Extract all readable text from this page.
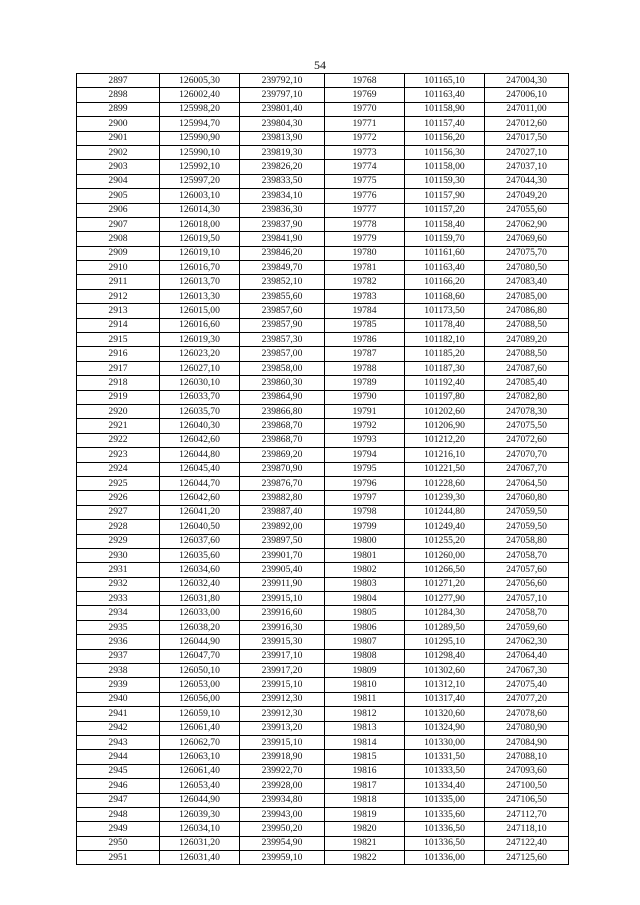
54
2897	126005,30	239792,10	19768	101165,10	247004,30
2898	126002,40	239797,10	19769	101163,40	247006,10
2899	125998,20	239801,40	19770	101158,90	247011,00
2900	125994,70	239804,30	19771	101157,40	247012,60
2901	125990,90	239813,90	19772	101156,20	247017,50
2902	125990,10	239819,30	19773	101156,30	247027,10
2903	125992,10	239826,20	19774	101158,00	247037,10
2904	125997,20	239833,50	19775	101159,30	247044,30
2905	126003,10	239834,10	19776	101157,90	247049,20
2906	126014,30	239836,30	19777	101157,20	247055,60
2907	126018,00	239837,90	19778	101158,40	247062,90
2908	126019,50	239841,90	19779	101159,70	247069,60
2909	126019,10	239846,20	19780	101161,60	247075,70
2910	126016,70	239849,70	19781	101163,40	247080,50
2911	126013,70	239852,10	19782	101166,20	247083,40
2912	126013,30	239855,60	19783	101168,60	247085,00
2913	126015,00	239857,60	19784	101173,50	247086,80
2914	126016,60	239857,90	19785	101178,40	247088,50
2915	126019,30	239857,30	19786	101182,10	247089,20
2916	126023,20	239857,00	19787	101185,20	247088,50
2917	126027,10	239858,00	19788	101187,30	247087,60
2918	126030,10	239860,30	19789	101192,40	247085,40
2919	126033,70	239864,90	19790	101197,80	247082,80
2920	126035,70	239866,80	19791	101202,60	247078,30
2921	126040,30	239868,70	19792	101206,90	247075,50
2922	126042,60	239868,70	19793	101212,20	247072,60
2923	126044,80	239869,20	19794	101216,10	247070,70
2924	126045,40	239870,90	19795	101221,50	247067,70
2925	126044,70	239876,70	19796	101228,60	247064,50
2926	126042,60	239882,80	19797	101239,30	247060,80
2927	126041,20	239887,40	19798	101244,80	247059,50
2928	126040,50	239892,00	19799	101249,40	247059,50
2929	126037,60	239897,50	19800	101255,20	247058,80
2930	126035,60	239901,70	19801	101260,00	247058,70
2931	126034,60	239905,40	19802	101266,50	247057,60
2932	126032,40	239911,90	19803	101271,20	247056,60
2933	126031,80	239915,10	19804	101277,90	247057,10
2934	126033,00	239916,60	19805	101284,30	247058,70
2935	126038,20	239916,30	19806	101289,50	247059,60
2936	126044,90	239915,30	19807	101295,10	247062,30
2937	126047,70	239917,10	19808	101298,40	247064,40
2938	126050,10	239917,20	19809	101302,60	247067,30
2939	126053,00	239915,10	19810	101312,10	247075,40
2940	126056,00	239912,30	19811	101317,40	247077,20
2941	126059,10	239912,30	19812	101320,60	247078,60
2942	126061,40	239913,20	19813	101324,90	247080,90
2943	126062,70	239915,10	19814	101330,00	247084,90
2944	126063,10	239918,90	19815	101331,50	247088,10
2945	126061,40	239922,70	19816	101333,50	247093,60
2946	126053,40	239928,00	19817	101334,40	247100,50
2947	126044,90	239934,80	19818	101335,00	247106,50
2948	126039,30	239943,00	19819	101335,60	247112,70
2949	126034,10	239950,20	19820	101336,50	247118,10
2950	126031,20	239954,90	19821	101336,50	247122,40
2951	126031,40	239959,10	19822	101336,00	247125,60
